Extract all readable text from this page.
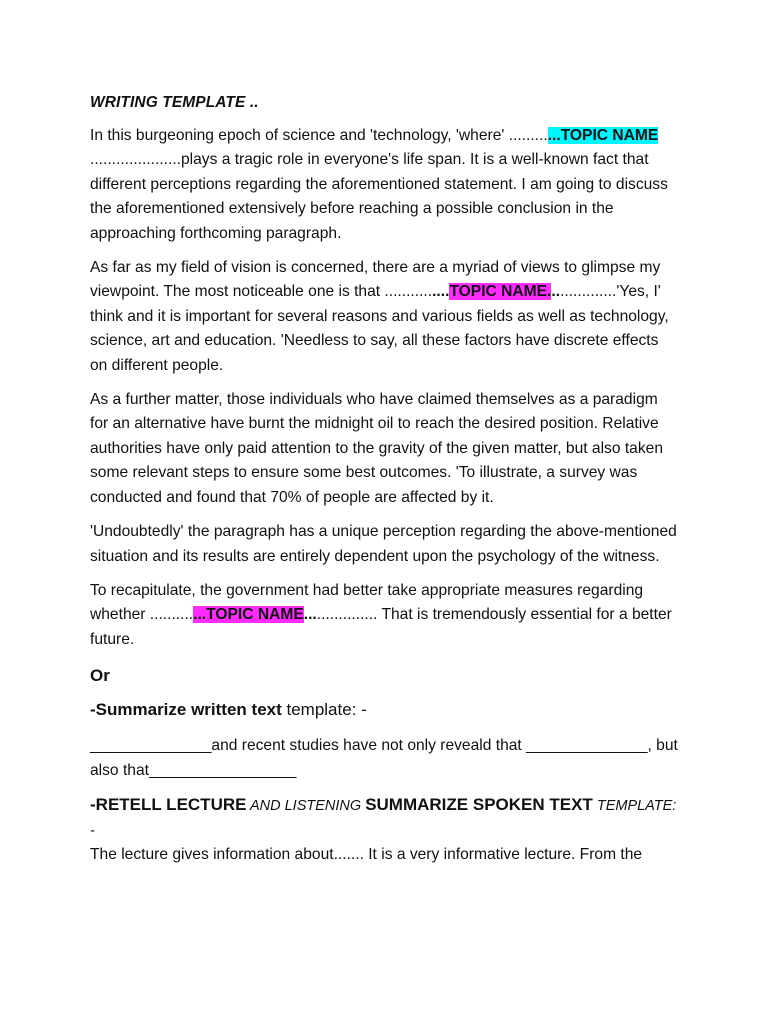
WRITING TEMPLATE ..

In this burgeoning epoch of science and 'technology, 'where' ............TOPIC NAME .....................plays a tragic role in everyone's life span. It is a well-known fact that different perceptions regarding the aforementioned statement. I am going to discuss the aforementioned extensively before reaching a possible conclusion in the approaching forthcoming paragraph.

As far as my field of vision is concerned, there are a myriad of views to glimpse my viewpoint. The most noticeable one is that ...............TOPIC NAME................'Yes, I' think and it is important for several reasons and various fields as well as technology, science, art and education. 'Needless to say, all these factors have discrete effects on different people.

As a further matter, those individuals who have claimed themselves as a paradigm for an alternative have burnt the midnight oil to reach the desired position. Relative authorities have only paid attention to the gravity of the given matter, but also taken some relevant steps to ensure some best outcomes. 'To illustrate, a survey was conducted and found that 70% of people are affected by it.

'Undoubtedly' the paragraph has a unique perception regarding the above-mentioned situation and its results are entirely dependent upon the psychology of the witness.

To recapitulate, the government had better take appropriate measures regarding whether .............TOPIC NAME................. That is tremendously essential for a better future.

Or
-Summarize written text template: -

______________and recent studies have not only reveald that ______________, but also that_________________

-RETELL LECTURE AND LISTENING SUMMARIZE SPOKEN TEXT TEMPLATE: -

The lecture gives information about....... It is a very informative lecture. From the
